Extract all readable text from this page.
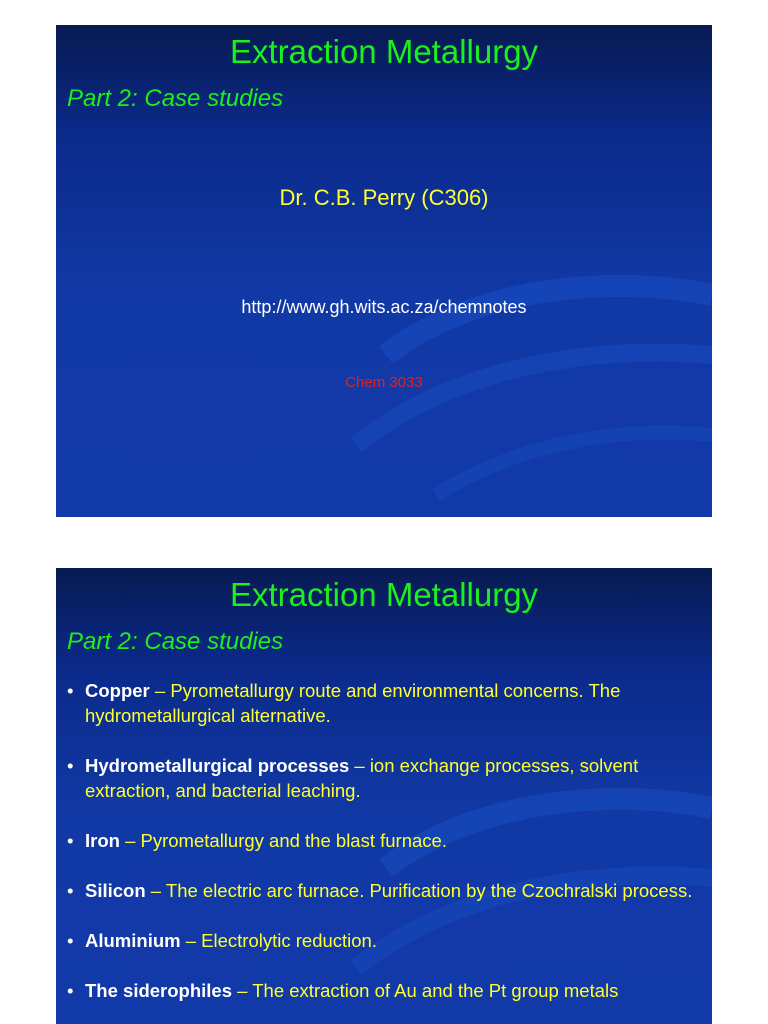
Extraction Metallurgy
Part 2: Case studies
Dr. C.B. Perry (C306)
http://www.gh.wits.ac.za/chemnotes
Chem 3033
Extraction Metallurgy
Part 2: Case studies
• Copper – Pyrometallurgy route and environmental concerns. The hydrometallurgical alternative.
• Hydrometallurgical processes – ion exchange processes, solvent extraction, and bacterial leaching.
• Iron – Pyrometallurgy and the blast furnace.
• Silicon – The electric arc furnace. Purification by the Czochralski process.
• Aluminium – Electrolytic reduction.
• The siderophiles – The extraction of Au and the Pt group metals
